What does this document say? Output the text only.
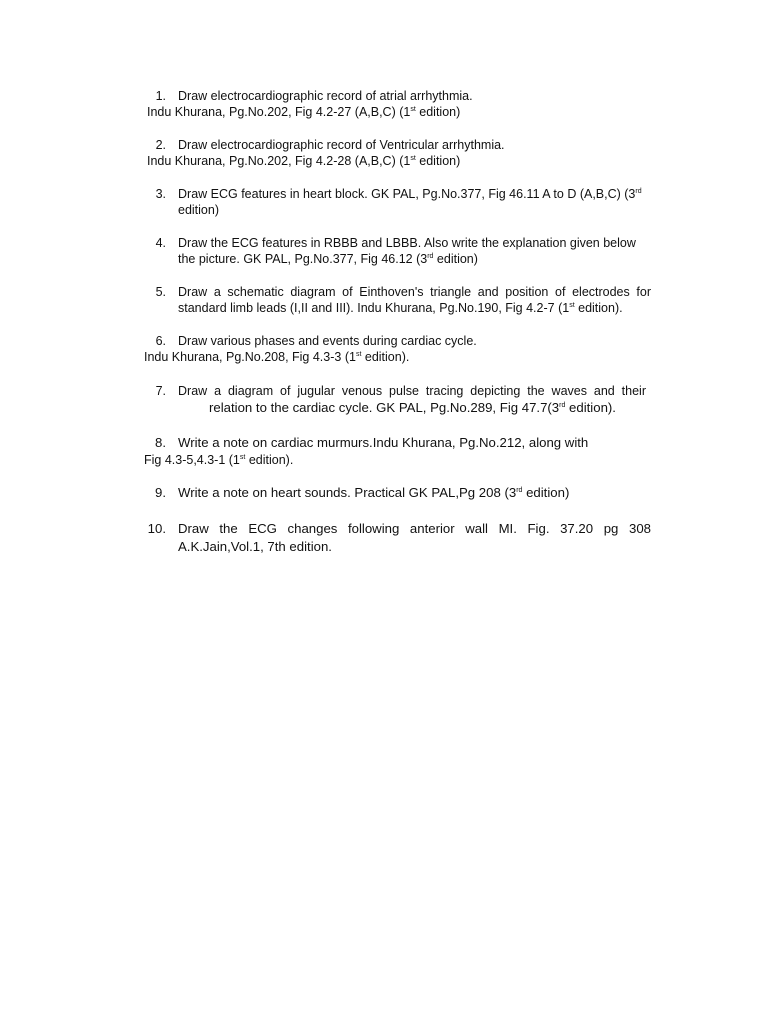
1. Draw electrocardiographic record of atrial arrhythmia.
Indu Khurana, Pg.No.202, Fig 4.2-27 (A,B,C) (1st edition)
2. Draw electrocardiographic record of Ventricular arrhythmia.
Indu Khurana, Pg.No.202, Fig 4.2-28 (A,B,C) (1st edition)
3. Draw ECG features in heart block. GK PAL, Pg.No.377, Fig 46.11 A to D (A,B,C) (3rd
edition)
4. Draw the ECG features in RBBB and LBBB. Also write the explanation given below
the picture. GK PAL, Pg.No.377, Fig 46.12 (3rd edition)
5. Draw a schematic diagram of Einthoven's triangle and position of electrodes for
standard limb leads (I,II and III). Indu Khurana, Pg.No.190, Fig 4.2-7 (1st edition).
6. Draw various phases and events during cardiac cycle.
Indu Khurana, Pg.No.208, Fig 4.3-3 (1st edition).
7. Draw a diagram of jugular venous pulse tracing depicting the waves and their
relation to the cardiac cycle. GK PAL, Pg.No.289, Fig 47.7(3rd edition).
8. Write a note on cardiac murmurs.Indu Khurana, Pg.No.212, along with
Fig 4.3-5,4.3-1 (1st edition).
9. Write a note on heart sounds. Practical GK PAL,Pg 208 (3rd edition)
10. Draw the ECG changes following anterior wall MI. Fig. 37.20 pg 308
A.K.Jain,Vol.1, 7th edition.
